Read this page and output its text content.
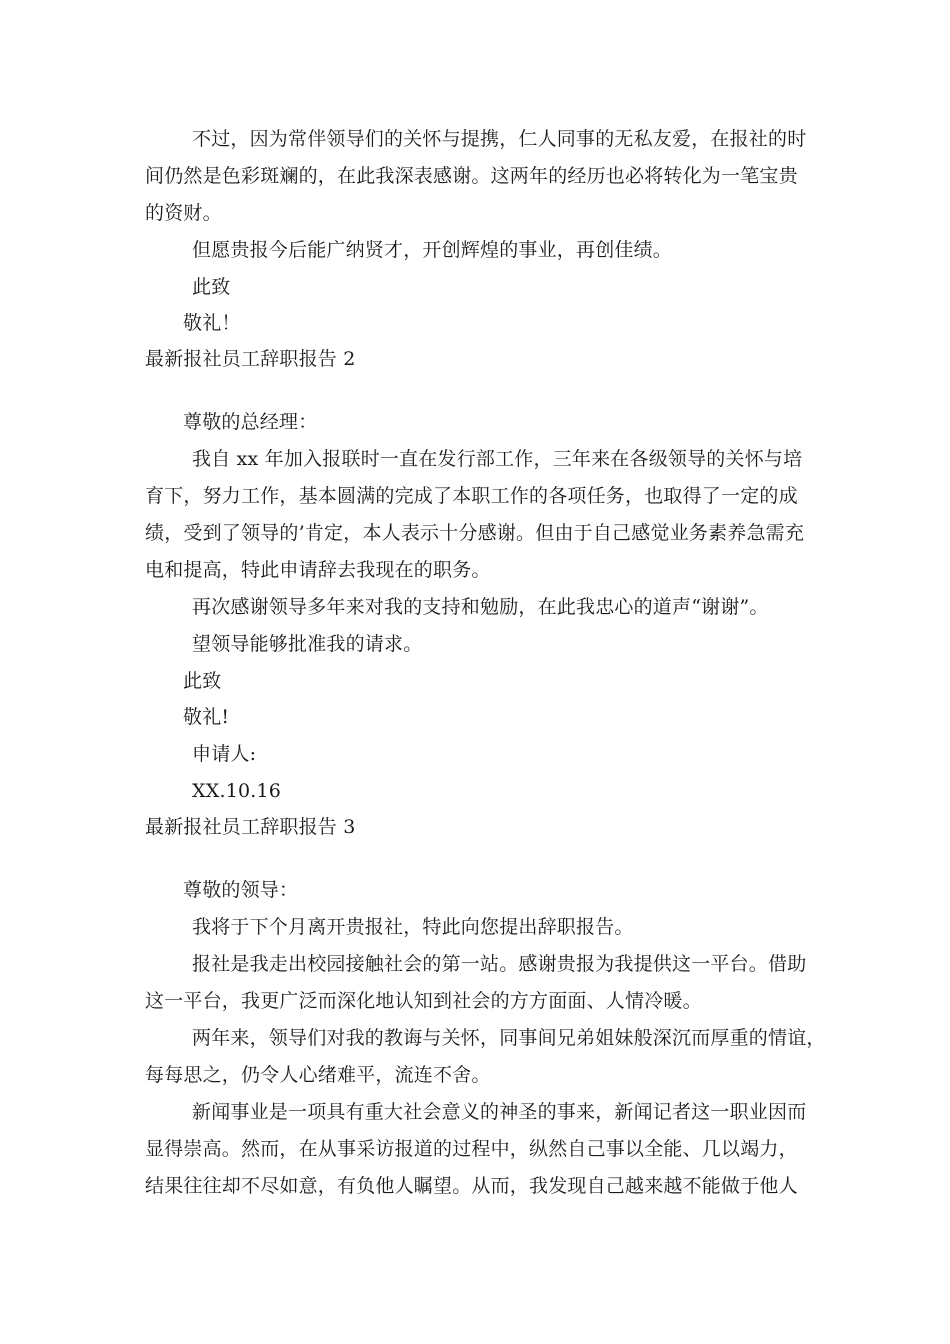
不过，因为常伴领导们的关怀与提携，仁人同事的无私友爱，在报社的时
间仍然是色彩斑斓的，在此我深表感谢。这两年的经历也必将转化为一笔宝贵
的资财。
但愿贵报今后能广纳贤才，开创辉煌的事业，再创佳绩。
此致
敬礼！
最新报社员工辞职报告 2
尊敬的总经理：
我自 xx 年加入报联时一直在发行部工作，三年来在各级领导的关怀与培
育下，努力工作，基本圆满的完成了本职工作的各项任务，也取得了一定的成
绩，受到了领导的’肯定，本人表示十分感谢。但由于自己感觉业务素养急需充
电和提高，特此申请辞去我现在的职务。
再次感谢领导多年来对我的支持和勉励，在此我忠心的道声“谢谢”。
望领导能够批准我的请求。
此致
敬礼!
申请人:
XX.10.16
最新报社员工辞职报告 3
尊敬的领导：
我将于下个月离开贵报社，特此向您提出辞职报告。
报社是我走出校园接触社会的第一站。感谢贵报为我提供这一平台。借助
这一平台，我更广泛而深化地认知到社会的方方面面、人情冷暖。
两年来，领导们对我的教诲与关怀，同事间兄弟姐妹般深沉而厚重的情谊，
每每思之，仍令人心绪难平，流连不舍。
新闻事业是一项具有重大社会意义的神圣的事来，新闻记者这一职业因而
显得崇高。然而，在从事采访报道的过程中，纵然自己事以全能、几以竭力，
结果往往却不尽如意，有负他人瞩望。从而，我发现自己越来越不能做于他人
